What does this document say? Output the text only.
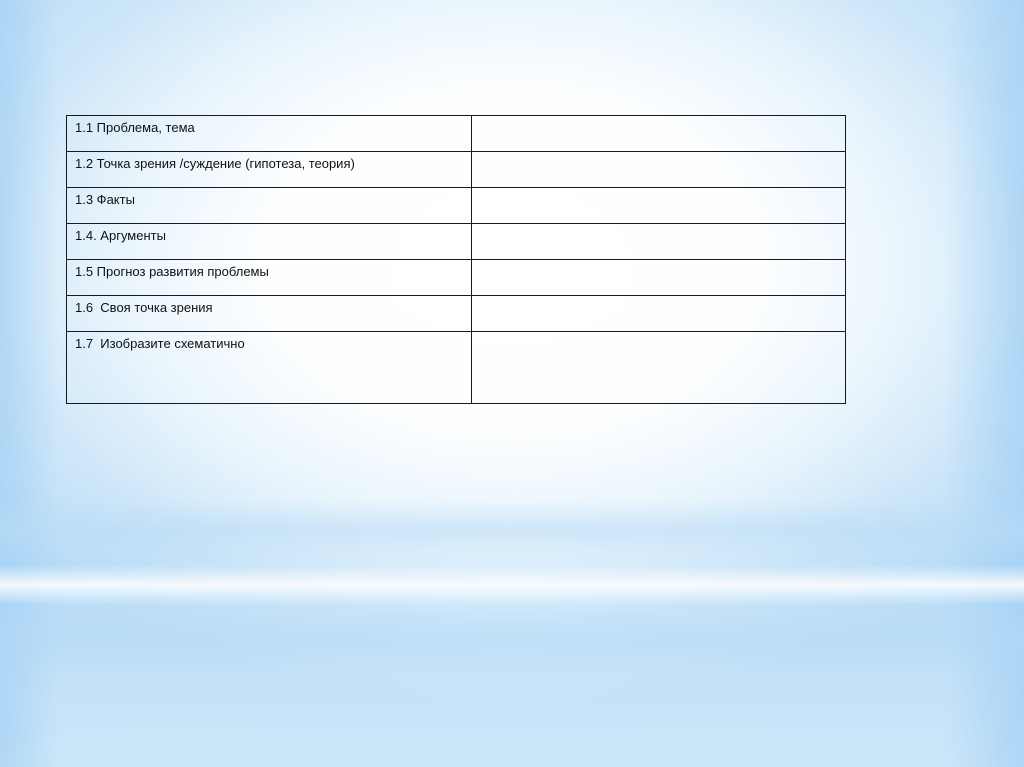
1.1 Проблема, тема	
1.2 Точка зрения /суждение (гипотеза, теория)	
1.3 Факты	
1.4. Аргументы	
1.5 Прогноз развития проблемы	
1.6  Своя точка зрения	
1.7  Изобразите схематично	
